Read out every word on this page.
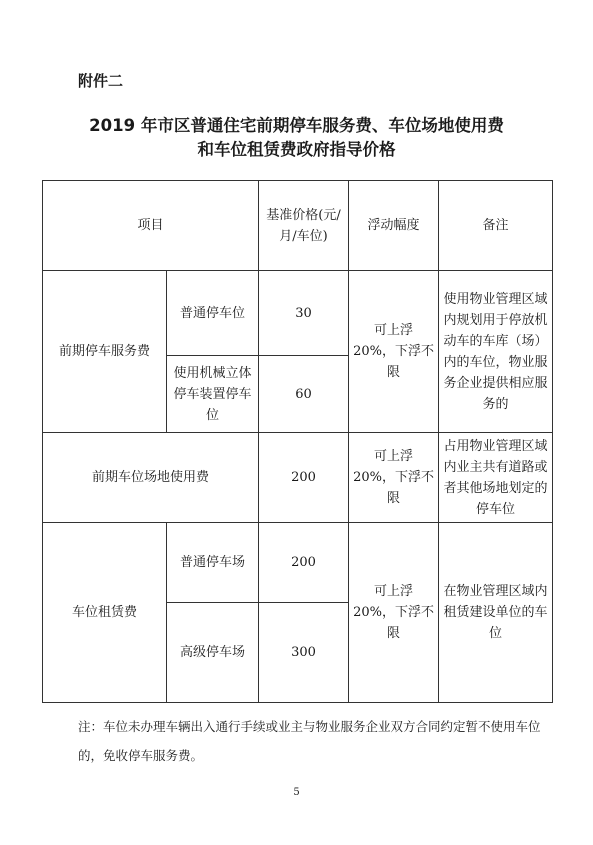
附件二
2019 年市区普通住宅前期停车服务费、车位场地使用费
和车位租赁费政府指导价格
项目		基准价格(元/月/车位)	浮动幅度	备注
前期停车服务费	普通停车位	30	可上浮 20%，下浮不限	使用物业管理区域内规划用于停放机动车的车库（场）内的车位，物业服务企业提供相应服务的
	使用机械立体停车装置停车位	60		
前期车位场地使用费		200	可上浮 20%，下浮不限	占用物业管理区域内业主共有道路或者其他场地划定的停车位
车位租赁费	普通停车场	200	可上浮 20%，下浮不限	在物业管理区域内租赁建设单位的车位
	高级停车场	300		
注：车位未办理车辆出入通行手续或业主与物业服务企业双方合同约定暂不使用车位的，免收停车服务费。
5
